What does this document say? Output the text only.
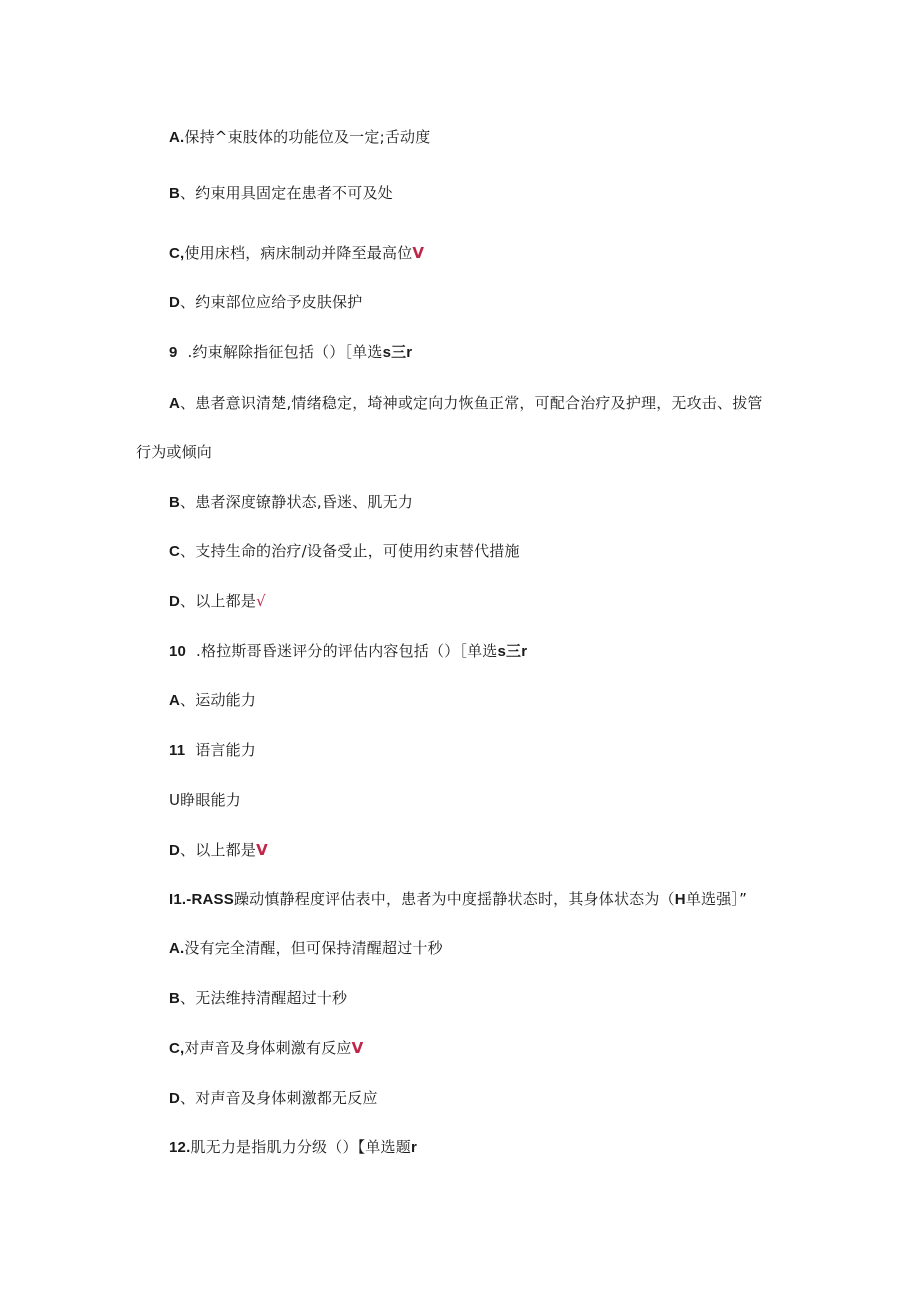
A.保持^束肢体的功能位及一定;舌动度
B、约束用具固定在患者不可及处
C,使用床档，病床制动并降至最高位V
D、约束部位应给予皮肤保护
9  .约束解除指征包括（）［单选s三r
A、患者意识清楚,情绪稳定，埼神或定向力恢鱼正常，可配合治疗及护理，无攻击、拔管
行为或倾向
B、患者深度镣静状态,昏迷、肌无力
C、支持生命的治疗/设备受止，可使用约束替代措施
D、以上都是√
10  .格拉斯哥昏迷评分的评估内容包括（）［单选s三r
A、运动能力
11  语言能力
U睁眼能力
D、以上都是V
I1.-RASS躁动慎静程度评估表中，患者为中度揺静状态时，其身体状态为（H单选强］”
A.没有完全清醒，但可保持清醒超过十秒
B、无法维持清醒超过十秒
C,对声音及身体刺激有反应V
D、对声音及身体刺激都无反应
12.肌无力是指肌力分级（）【单选题r
